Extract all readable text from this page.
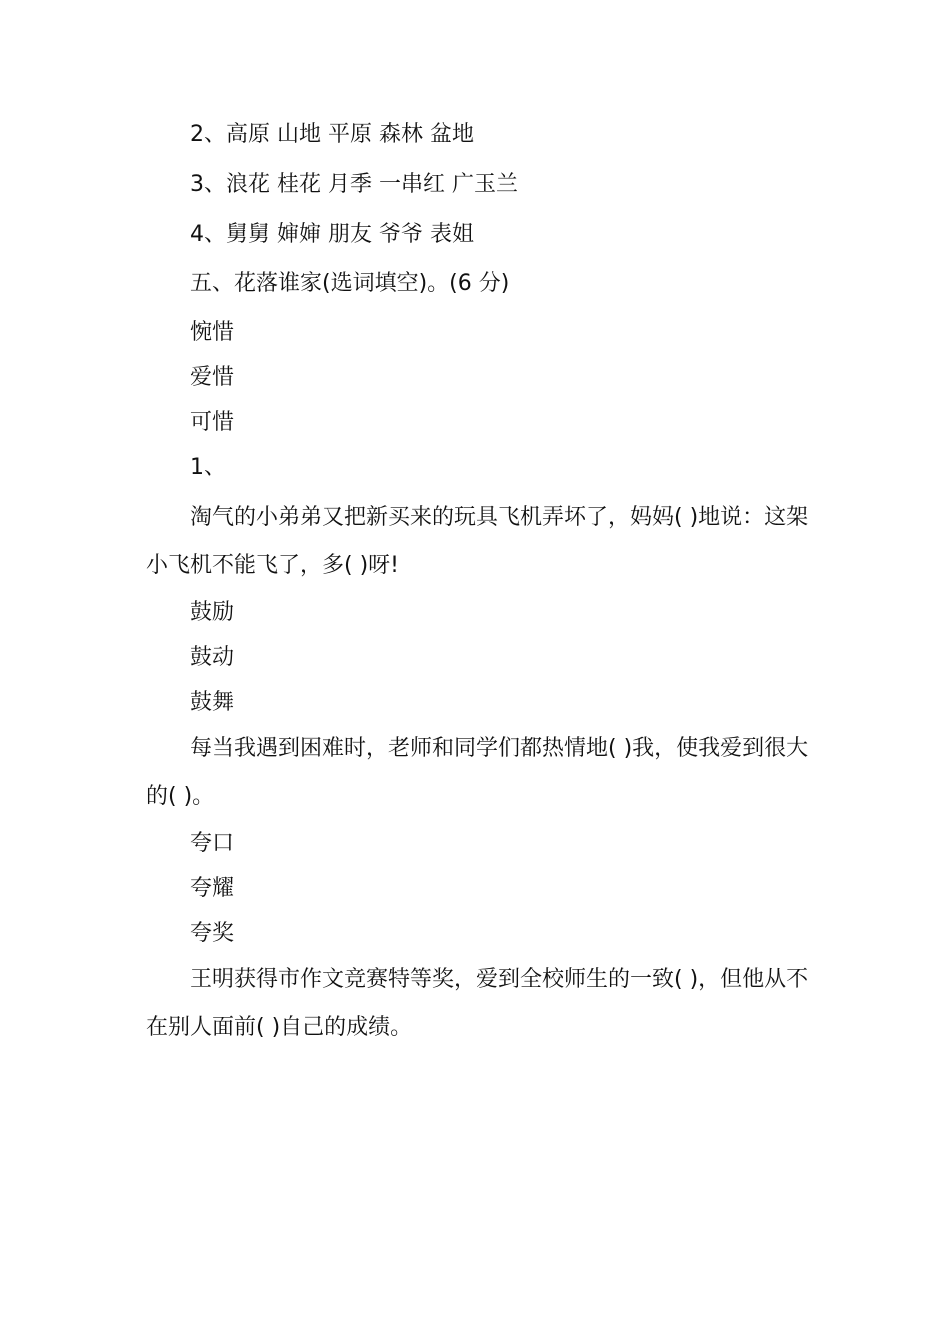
2、高原 山地 平原 森林 盆地
3、浪花 桂花 月季 一串红 广玉兰
4、舅舅 婶婶 朋友 爷爷 表姐
五、花落谁家(选词填空)。(6 分)
惋惜
爱惜
可惜
1、
淘气的小弟弟又把新买来的玩具飞机弄坏了，妈妈( )地说：这架
小飞机不能飞了，多( )呀!
鼓励
鼓动
鼓舞
每当我遇到困难时，老师和同学们都热情地( )我，使我爱到很大
的( )。
夸口
夸耀
夸奖
王明获得市作文竞赛特等奖，爱到全校师生的一致( )，但他从不
在别人面前( )自己的成绩。
